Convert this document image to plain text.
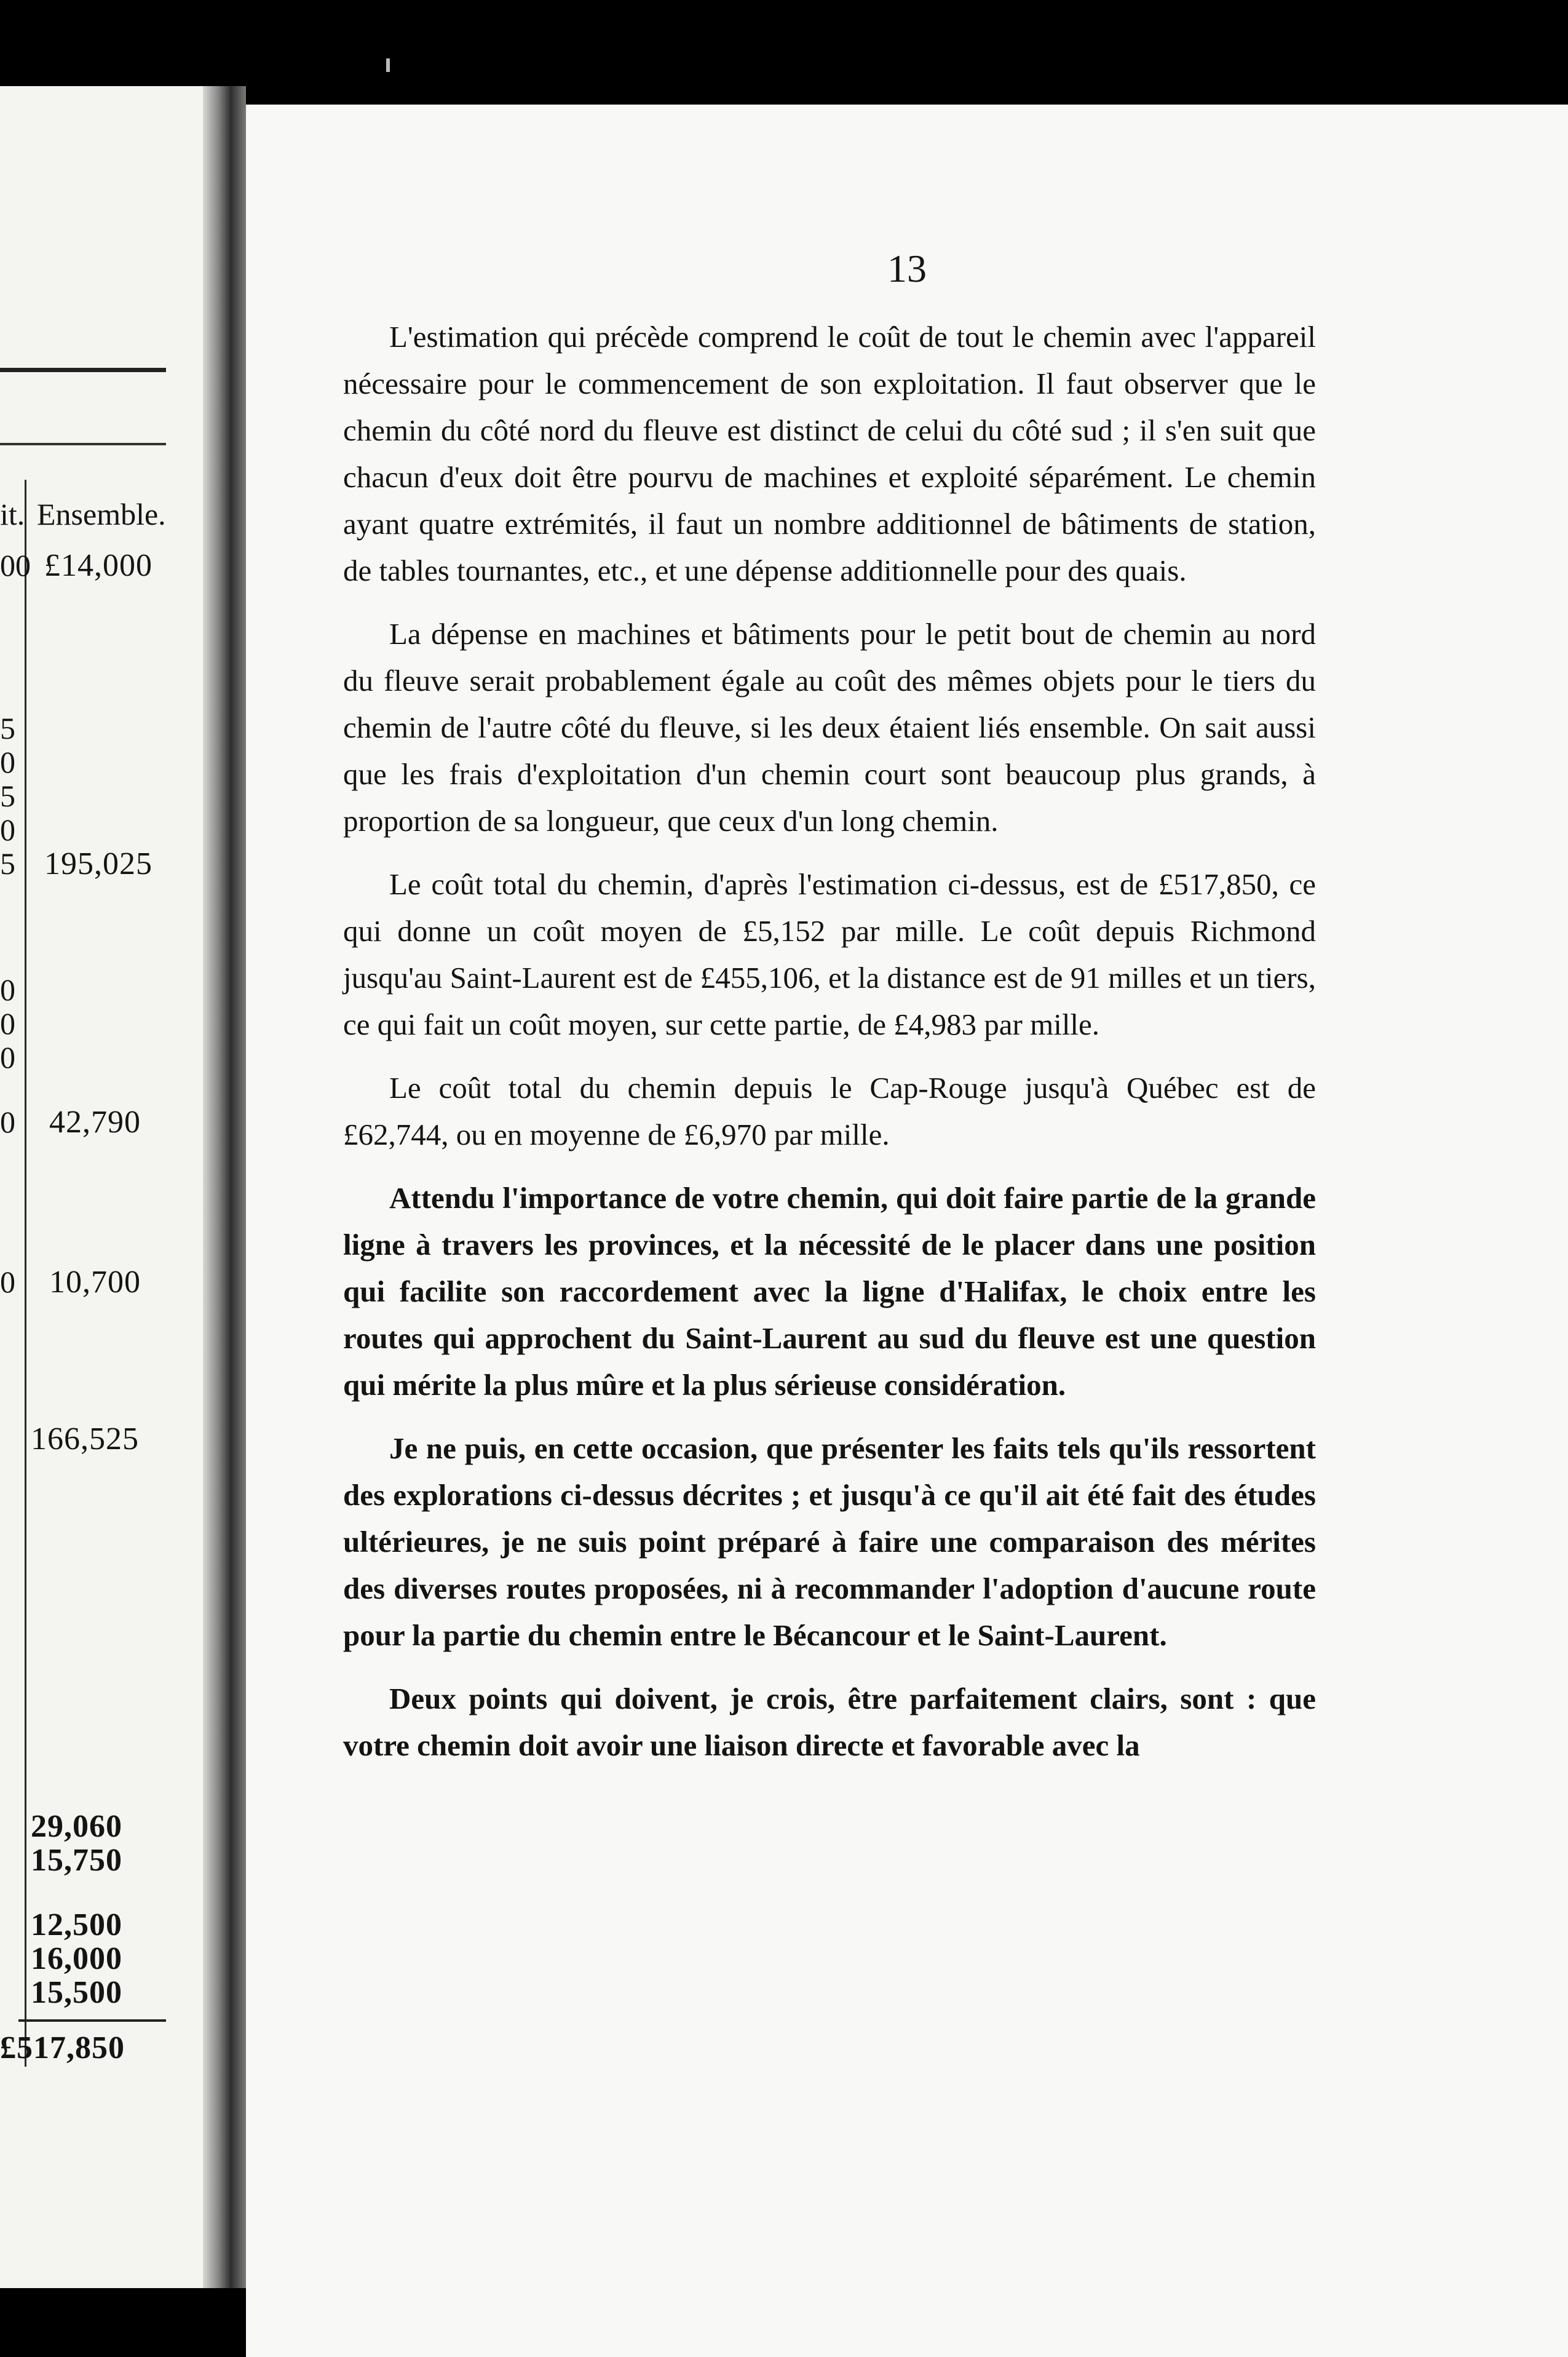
it. Ensemble.
00
5
0
5
0
5
0
0
0
0
0
£14,000
195,025
42,790
10,700
166,525
29,060
15,750
12,500
16,000
15,500
£517,850
13

L'estimation qui précède comprend le coût de tout le chemin avec l'appareil nécessaire pour le commencement de son exploitation. Il faut observer que le chemin du côté nord du fleuve est distinct de celui du côté sud ; il s'en suit que chacun d'eux doit être pourvu de machines et exploité séparément. Le chemin ayant quatre extrémités, il faut un nombre additionnel de bâtiments de station, de tables tournantes, etc., et une dépense additionnelle pour des quais.

La dépense en machines et bâtiments pour le petit bout de chemin au nord du fleuve serait probablement égale au coût des mêmes objets pour le tiers du chemin de l'autre côté du fleuve, si les deux étaient liés ensemble. On sait aussi que les frais d'exploitation d'un chemin court sont beaucoup plus grands, à proportion de sa longueur, que ceux d'un long chemin.

Le coût total du chemin, d'après l'estimation ci-dessus, est de £517,850, ce qui donne un coût moyen de £5,152 par mille. Le coût depuis Richmond jusqu'au Saint-Laurent est de £455,106, et la distance est de 91 milles et un tiers, ce qui fait un coût moyen, sur cette partie, de £4,983 par mille.

Le coût total du chemin depuis le Cap-Rouge jusqu'à Québec est de £62,744, ou en moyenne de £6,970 par mille.

Attendu l'importance de votre chemin, qui doit faire partie de la grande ligne à travers les provinces, et la nécessité de le placer dans une position qui facilite son raccordement avec la ligne d'Halifax, le choix entre les routes qui approchent du Saint-Laurent au sud du fleuve est une question qui mérite la plus mûre et la plus sérieuse considération.

Je ne puis, en cette occasion, que présenter les faits tels qu'ils ressortent des explorations ci-dessus décrites ; et jusqu'à ce qu'il ait été fait des études ultérieures, je ne suis point préparé à faire une comparaison des mérites des diverses routes proposées, ni à recommander l'adoption d'aucune route pour la partie du chemin entre le Bécancour et le Saint-Laurent.

Deux points qui doivent, je crois, être parfaitement clairs, sont : que votre chemin doit avoir une liaison directe et favorable avec la
